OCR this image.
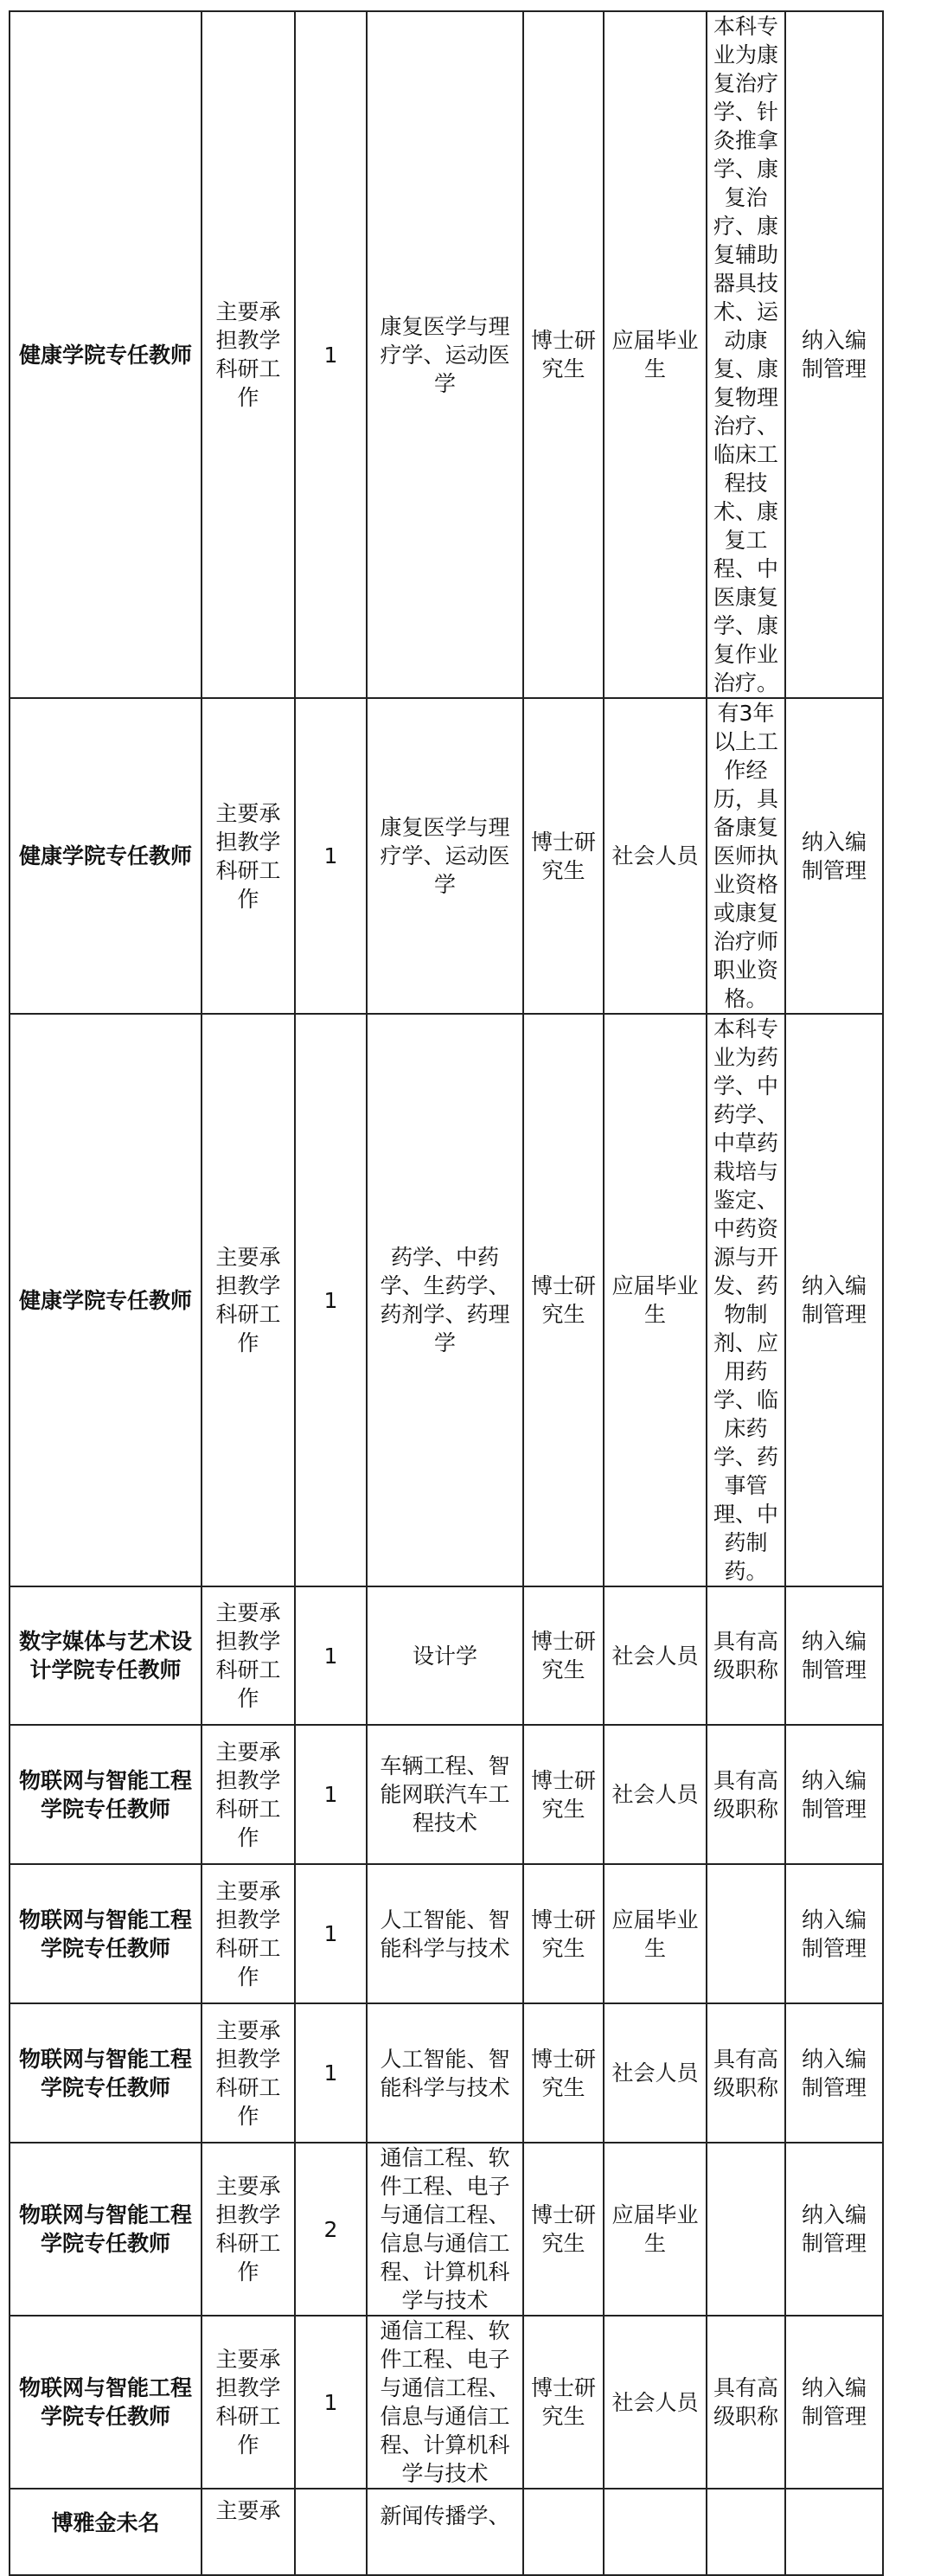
健康学院专任教师	主要承担教学科研工作	1	康复医学与理疗学、运动医学	博士研究生	应届毕业生	本科专业为康复治疗学、针灸推拿学、康复治疗、康复辅助器具技术、运动康复、康复物理治疗、临床工程技术、康复工程、中医康复学、康复作业治疗。	纳入编制管理
健康学院专任教师	主要承担教学科研工作	1	康复医学与理疗学、运动医学	博士研究生	社会人员	有3年以上工作经历，具备康复医师执业资格或康复治疗师职业资格。	纳入编制管理
健康学院专任教师	主要承担教学科研工作	1	药学、中药学、生药学、药剂学、药理学	博士研究生	应届毕业生	本科专业为药学、中药学、中草药栽培与鉴定、中药资源与开发、药物制剂、应用药学、临床药学、药事管理、中药制药。	纳入编制管理
数字媒体与艺术设计学院专任教师	主要承担教学科研工作	1	设计学	博士研究生	社会人员	具有高级职称	纳入编制管理
物联网与智能工程学院专任教师	主要承担教学科研工作	1	车辆工程、智能网联汽车工程技术	博士研究生	社会人员	具有高级职称	纳入编制管理
物联网与智能工程学院专任教师	主要承担教学科研工作	1	人工智能、智能科学与技术	博士研究生	应届毕业生		纳入编制管理
物联网与智能工程学院专任教师	主要承担教学科研工作	1	人工智能、智能科学与技术	博士研究生	社会人员	具有高级职称	纳入编制管理
物联网与智能工程学院专任教师	主要承担教学科研工作	2	通信工程、软件工程、电子与通信工程、信息与通信工程、计算机科学与技术	博士研究生	应届毕业生		纳入编制管理
物联网与智能工程学院专任教师	主要承担教学科研工作	1	通信工程、软件工程、电子与通信工程、信息与通信工程、计算机科学与技术	博士研究生	社会人员	具有高级职称	纳入编制管理
博雅金未名	主要承		新闻传播学、				
